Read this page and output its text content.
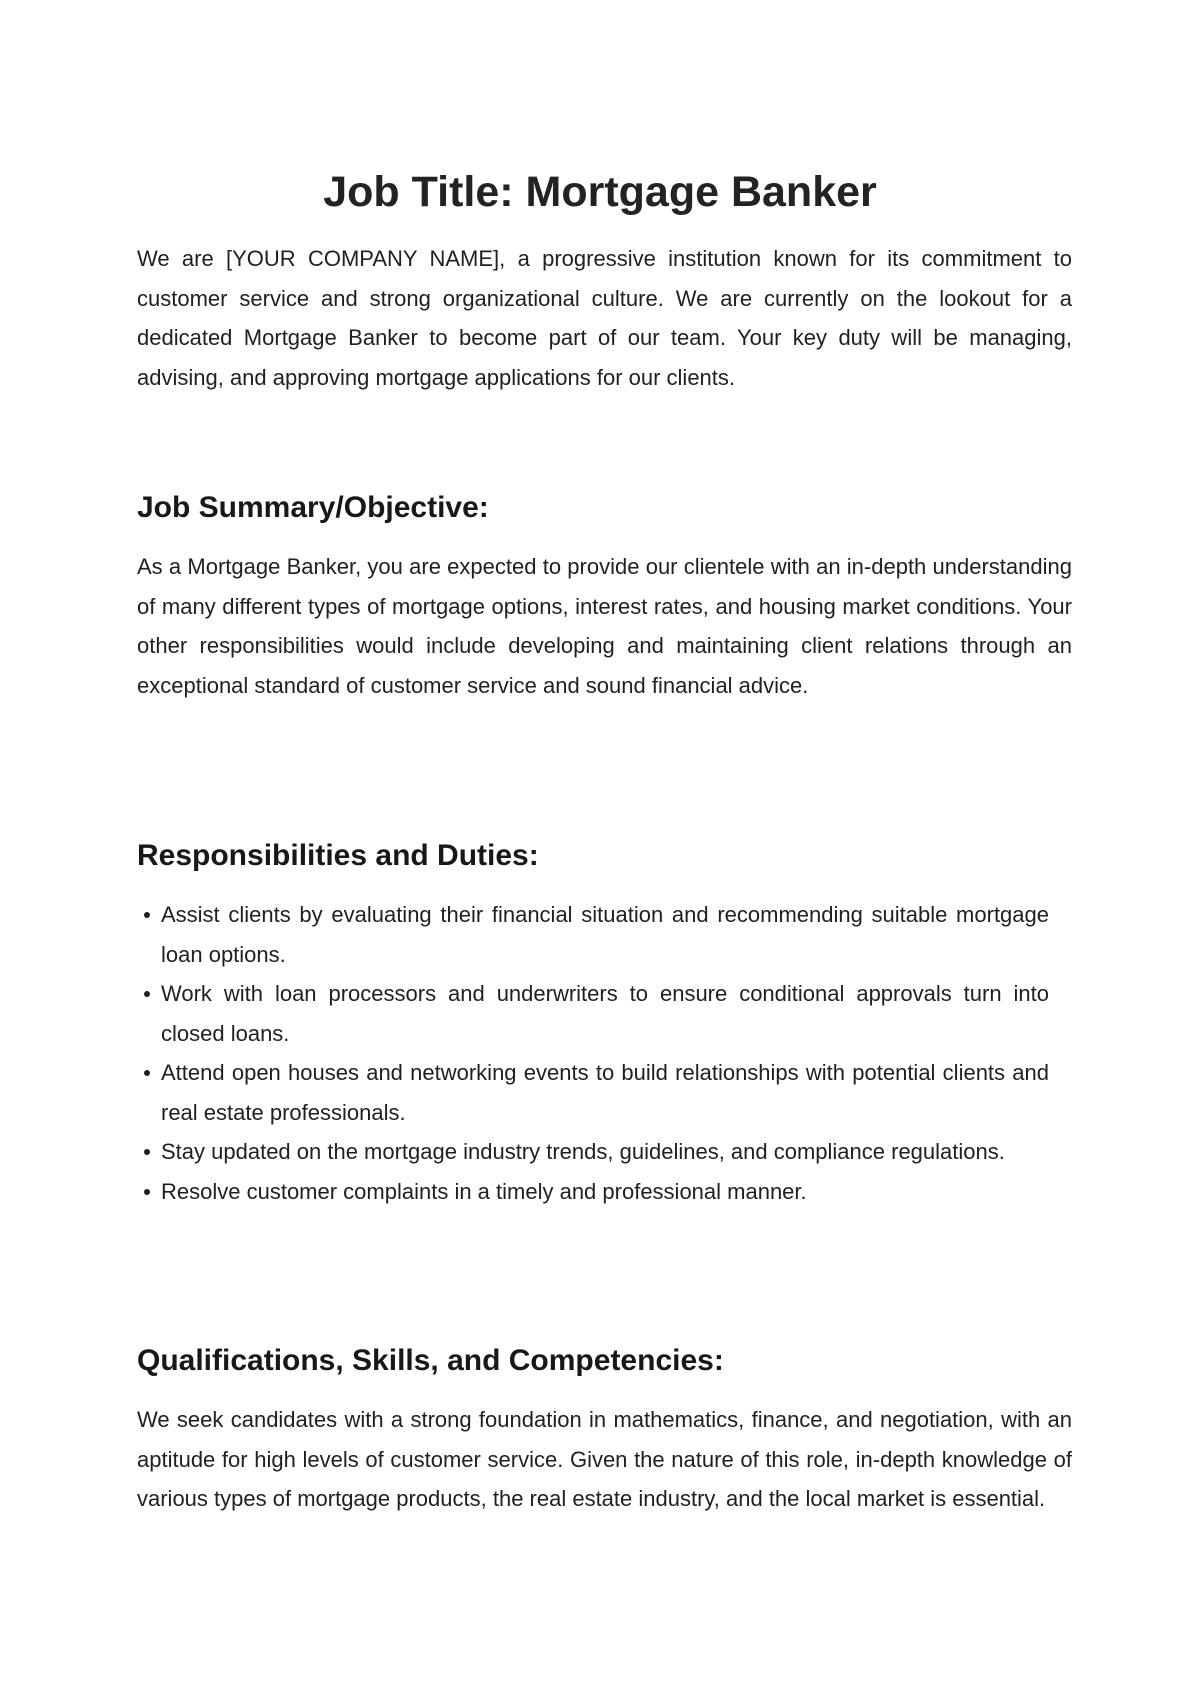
Job Title: Mortgage Banker

We are [YOUR COMPANY NAME], a progressive institution known for its commitment to customer service and strong organizational culture. We are currently on the lookout for a dedicated Mortgage Banker to become part of our team. Your key duty will be managing, advising, and approving mortgage applications for our clients.

Job Summary/Objective:

As a Mortgage Banker, you are expected to provide our clientele with an in-depth understanding of many different types of mortgage options, interest rates, and housing market conditions. Your other responsibilities would include developing and maintaining client relations through an exceptional standard of customer service and sound financial advice.

Responsibilities and Duties:
Assist clients by evaluating their financial situation and recommending suitable mortgage loan options.
Work with loan processors and underwriters to ensure conditional approvals turn into closed loans.
Attend open houses and networking events to build relationships with potential clients and real estate professionals.
Stay updated on the mortgage industry trends, guidelines, and compliance regulations.
Resolve customer complaints in a timely and professional manner.
Qualifications, Skills, and Competencies:

We seek candidates with a strong foundation in mathematics, finance, and negotiation, with an aptitude for high levels of customer service. Given the nature of this role, in-depth knowledge of various types of mortgage products, the real estate industry, and the local market is essential.
